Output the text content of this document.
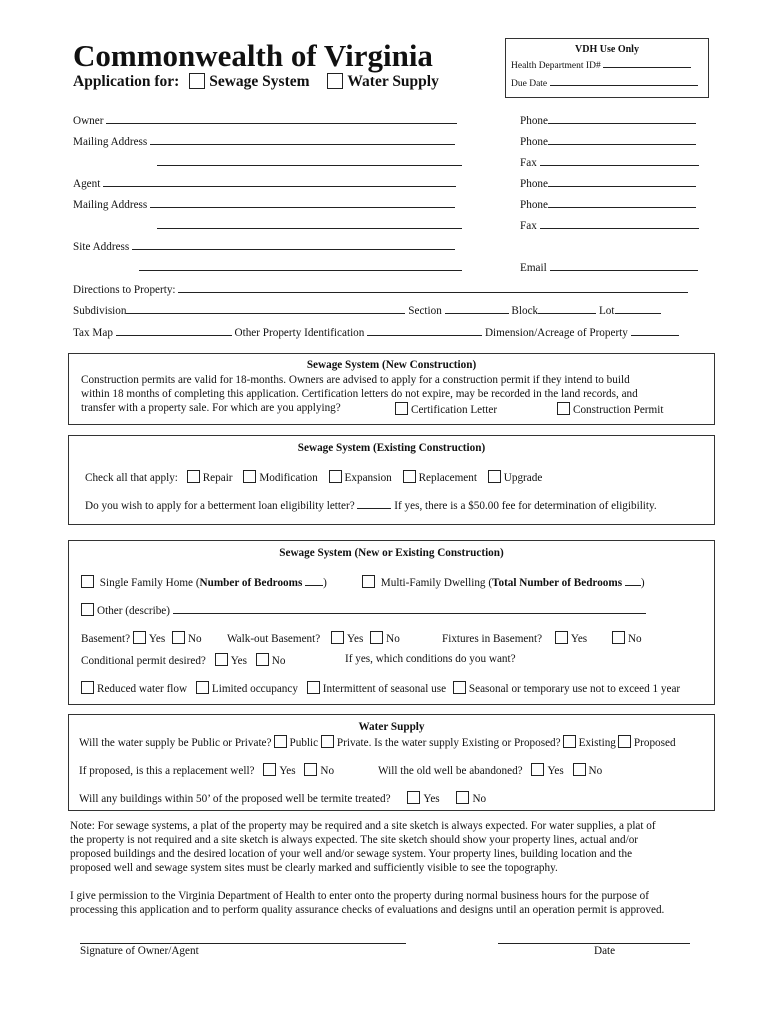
Commonwealth of Virginia
Application for: Sewage System Water Supply
VDH Use Only
Health Department ID#
Due Date
Owner	Phone
Mailing Address	Phone
Fax
Agent	Phone
Mailing Address	Phone
Fax
Site Address
Email
Directions to Property:
Subdivision	Section	Block	Lot
Tax Map	Other Property Identification	Dimension/Acreage of Property
Sewage System (New Construction)
Construction permits are valid for 18-months. Owners are advised to apply for a construction permit if they intend to build
within 18 months of completing this application. Certification letters do not expire, may be recorded in the land records, and
transfer with a property sale. For which are you applying?	Certification Letter	Construction Permit
Sewage System (Existing Construction)
Check all that apply: Repair Modification Expansion Replacement Upgrade
Do you wish to apply for a betterment loan eligibility letter?	If yes, there is a $50.00 fee for determination of eligibility.
Sewage System (New or Existing Construction)
Single Family Home (Number of Bedrooms )	Multi-Family Dwelling (Total Number of Bedrooms )
Other (describe)
Basement? Yes No Walk-out Basement? Yes No	Fixtures in Basement?	Yes	No
Conditional permit desired? Yes No	If yes, which conditions do you want?
Reduced water flow Limited occupancy Intermittent of seasonal use Seasonal or temporary use not to exceed 1 year
Water Supply
Will the water supply be Public or Private? Public Private. Is the water supply Existing or Proposed? Existing Proposed
If proposed, is this a replacement well? Yes No	Will the old well be abandoned? Yes No
Will any buildings within 50’ of the proposed well be termite treated?	Yes	No
Note: For sewage systems, a plat of the property may be required and a site sketch is always expected. For water supplies, a plat of
the property is not required and a site sketch is always expected. The site sketch should show your property lines, actual and/or
proposed buildings and the desired location of your well and/or sewage system. Your property lines, building location and the
proposed well and sewage system sites must be clearly marked and sufficiently visible to see the topography.
I give permission to the Virginia Department of Health to enter onto the property during normal business hours for the purpose of
processing this application and to perform quality assurance checks of evaluations and designs until an operation permit is approved.
Signature of Owner/Agent	Date
